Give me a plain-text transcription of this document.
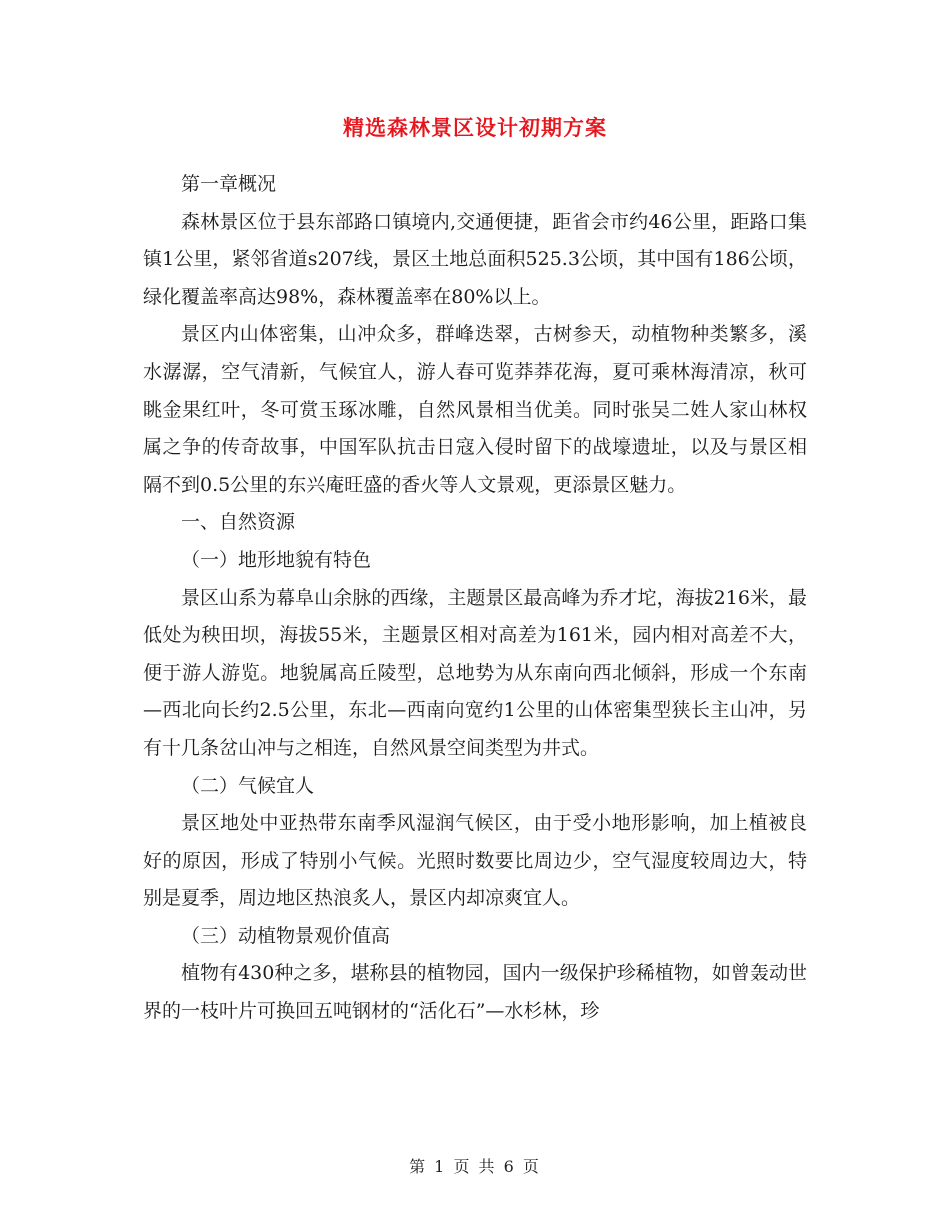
精选森林景区设计初期方案

第一章概况

森林景区位于县东部路口镇境内,交通便捷，距省会市约46公里，距路口集镇1公里，紧邻省道s207线，景区土地总面积525.3公顷，其中国有186公顷，绿化覆盖率高达98%，森林覆盖率在80%以上。

景区内山体密集，山冲众多，群峰迭翠，古树参天，动植物种类繁多，溪水潺潺，空气清新，气候宜人，游人春可览莽莽花海，夏可乘林海清凉，秋可眺金果红叶，冬可赏玉琢冰雕，自然风景相当优美。同时张吴二姓人家山林权属之争的传奇故事，中国军队抗击日寇入侵时留下的战壕遗址，以及与景区相隔不到0.5公里的东兴庵旺盛的香火等人文景观，更添景区魅力。

一、自然资源

（一）地形地貌有特色

景区山系为幕阜山余脉的西缘，主题景区最高峰为乔才坨，海拔216米，最低处为秧田坝，海拔55米，主题景区相对高差为161米，园内相对高差不大，便于游人游览。地貌属高丘陵型，总地势为从东南向西北倾斜，形成一个东南—西北向长约2.5公里，东北—西南向宽约1公里的山体密集型狭长主山冲，另有十几条岔山冲与之相连，自然风景空间类型为井式。

（二）气候宜人

景区地处中亚热带东南季风湿润气候区，由于受小地形影响，加上植被良好的原因，形成了特别小气候。光照时数要比周边少，空气湿度较周边大，特别是夏季，周边地区热浪炙人，景区内却凉爽宜人。

（三）动植物景观价值高

植物有430种之多，堪称县的植物园，国内一级保护珍稀植物，如曾轰动世界的一枝叶片可换回五吨钢材的“活化石”—水杉林，珍

第 1 页 共 6 页
